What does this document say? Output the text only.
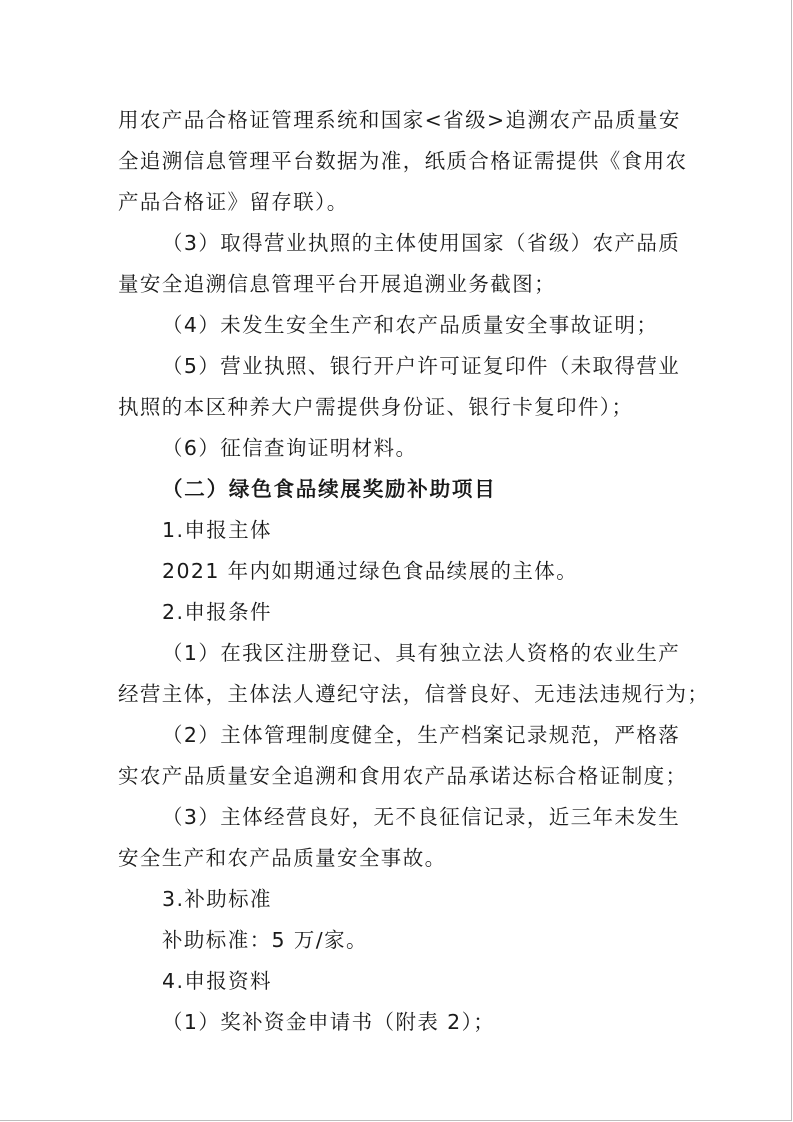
用农产品合格证管理系统和国家<省级>追溯农产品质量安
全追溯信息管理平台数据为准，纸质合格证需提供《食用农
产品合格证》留存联）。
（3）取得营业执照的主体使用国家（省级）农产品质
量安全追溯信息管理平台开展追溯业务截图；
（4）未发生安全生产和农产品质量安全事故证明；
（5）营业执照、银行开户许可证复印件（未取得营业
执照的本区种养大户需提供身份证、银行卡复印件）；
（6）征信查询证明材料。
（二）绿色食品续展奖励补助项目
1.申报主体
2021 年内如期通过绿色食品续展的主体。
2.申报条件
（1）在我区注册登记、具有独立法人资格的农业生产
经营主体，主体法人遵纪守法，信誉良好、无违法违规行为；
（2）主体管理制度健全，生产档案记录规范，严格落
实农产品质量安全追溯和食用农产品承诺达标合格证制度；
（3）主体经营良好，无不良征信记录，近三年未发生
安全生产和农产品质量安全事故。
3.补助标准
补助标准：5 万/家。
4.申报资料
（1）奖补资金申请书（附表 2）；
